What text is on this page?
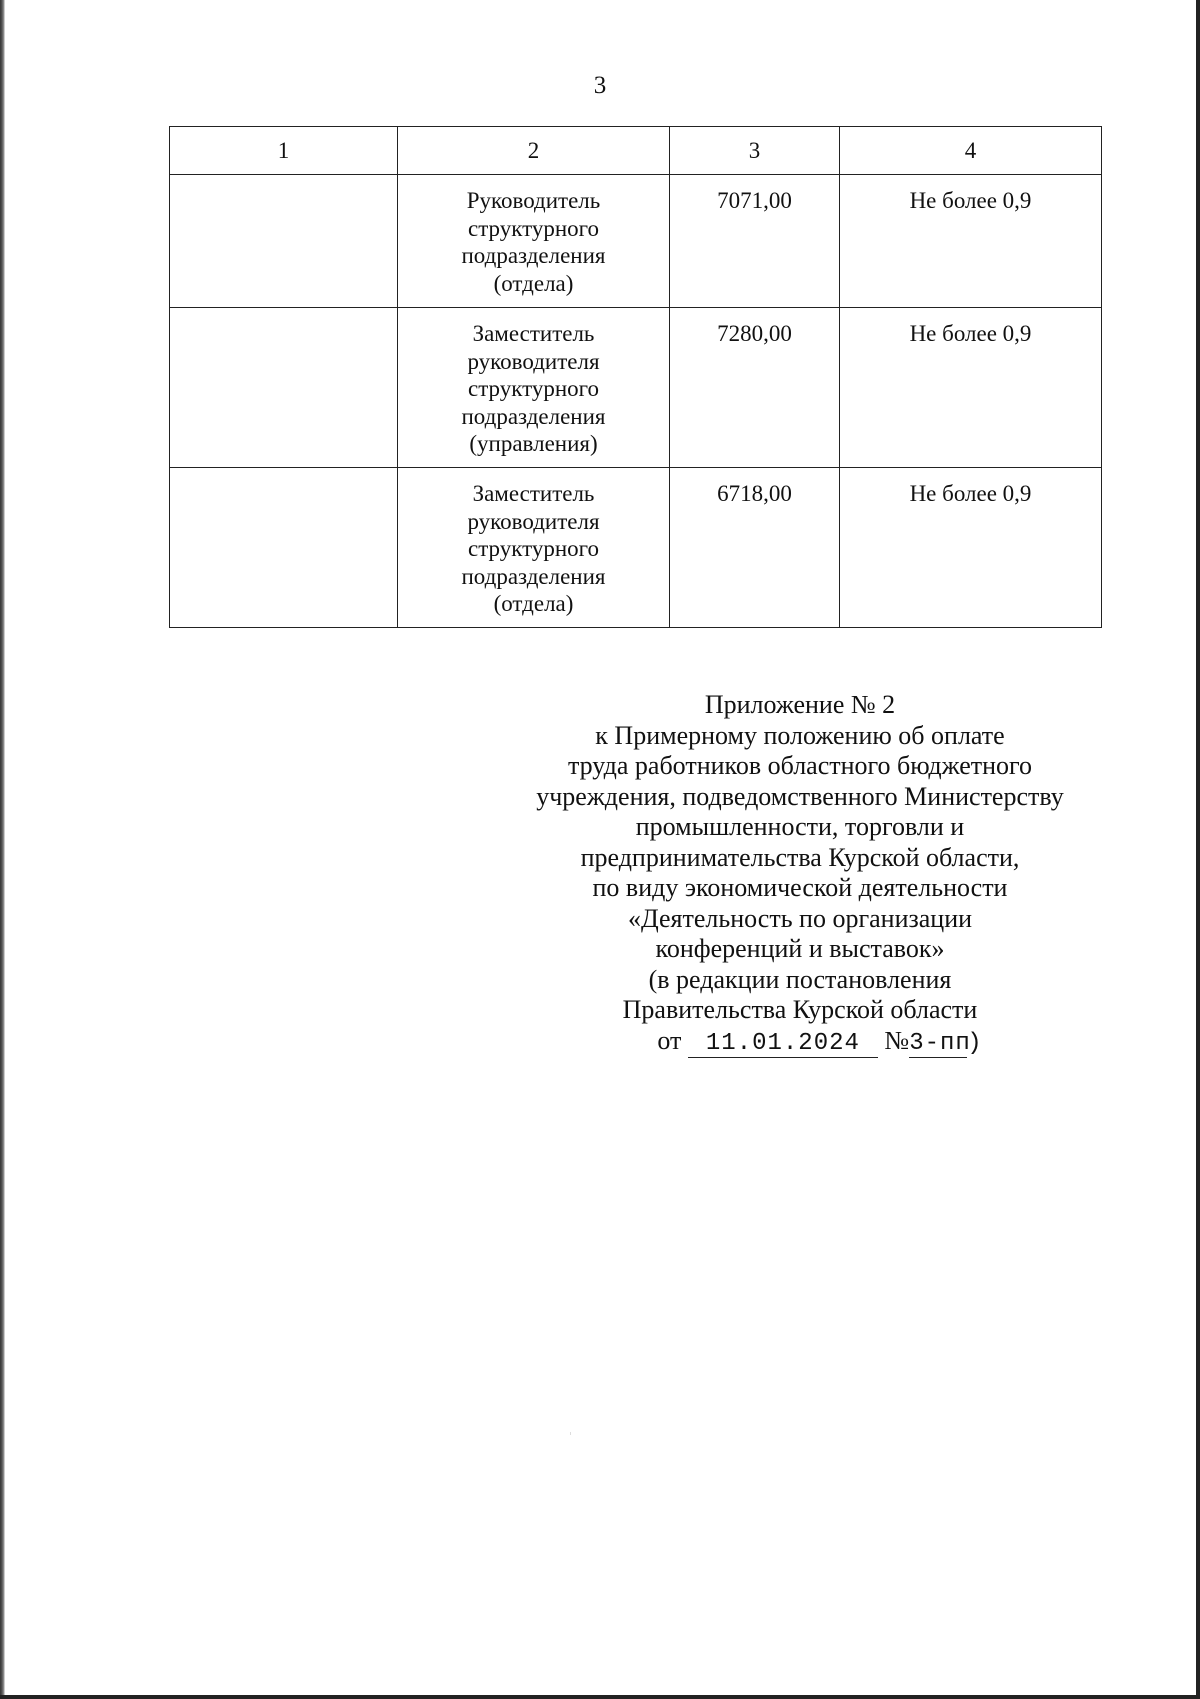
3
1	2	3	4

	Руководитель
структурного
подразделения
(отдела)	7071,00	Не более 0,9

	Заместитель
руководителя
структурного
подразделения
(управления)	7280,00	Не более 0,9

	Заместитель
руководителя
структурного
подразделения
(отдела)	6718,00	Не более 0,9
Приложение № 2
к Примерному положению об оплате
труда работников областного бюджетного
учреждения, подведомственного Министерству
промышленности, торговли и
предпринимательства Курской области,
по виду экономической деятельности
«Деятельность по организации
конференций и выставок»
(в редакции постановления
Правительства Курской области
от 11.01.2024 №3-пп)
